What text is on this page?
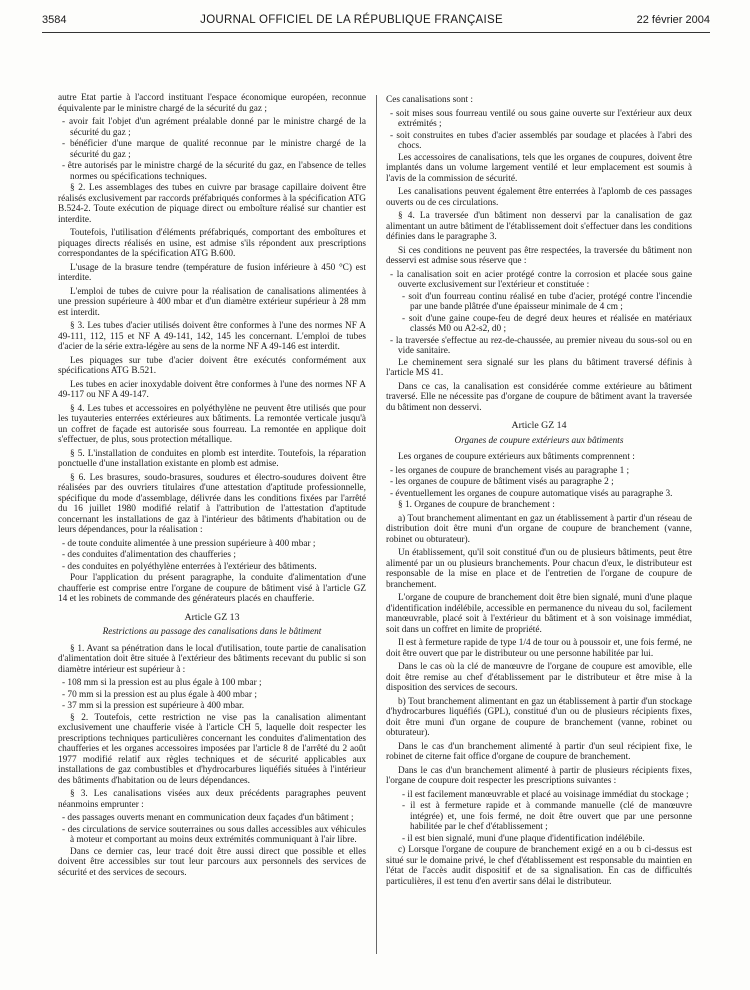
3584	JOURNAL OFFICIEL DE LA RÉPUBLIQUE FRANÇAISE	22 février 2004

autre Etat partie à l'accord instituant l'espace économique européen, reconnue équivalente par le ministre chargé de la sécurité du gaz ;

- avoir fait l'objet d'un agrément préalable donné par le ministre chargé de la sécurité du gaz ;

- bénéficier d'une marque de qualité reconnue par le ministre chargé de la sécurité du gaz ;

- être autorisés par le ministre chargé de la sécurité du gaz, en l'absence de telles normes ou spécifications techniques.

§ 2. Les assemblages des tubes en cuivre par brasage capillaire doivent être réalisés exclusivement par raccords préfabriqués conformes à la spécification ATG B.524-2. Toute exécution de piquage direct ou emboîture réalisé sur chantier est interdite.

Toutefois, l'utilisation d'éléments préfabriqués, comportant des emboîtures et piquages directs réalisés en usine, est admise s'ils répondent aux prescriptions correspondantes de la spécification ATG B.600.

L'usage de la brasure tendre (température de fusion inférieure à 450 °C) est interdite.

L'emploi de tubes de cuivre pour la réalisation de canalisations alimentées à une pression supérieure à 400 mbar et d'un diamètre extérieur supérieur à 28 mm est interdit.

§ 3. Les tubes d'acier utilisés doivent être conformes à l'une des normes NF A 49-111, 112, 115 et NF A 49-141, 142, 145 les concernant. L'emploi de tubes d'acier de la série extra-légère au sens de la norme NF A 49-146 est interdit.

Les piquages sur tube d'acier doivent être exécutés conformément aux spécifications ATG B.521.

Les tubes en acier inoxydable doivent être conformes à l'une des normes NF A 49-117 ou NF A 49-147.

§ 4. Les tubes et accessoires en polyéthylène ne peuvent être utilisés que pour les tuyauteries enterrées extérieures aux bâtiments. La remontée verticale jusqu'à un coffret de façade est autorisée sous fourreau. La remontée en applique doit s'effectuer, de plus, sous protection métallique.

§ 5. L'installation de conduites en plomb est interdite. Toutefois, la réparation ponctuelle d'une installation existante en plomb est admise.

§ 6. Les brasures, soudo-brasures, soudures et électro-soudures doivent être réalisées par des ouvriers titulaires d'une attestation d'aptitude professionnelle, spécifique du mode d'assemblage, délivrée dans les conditions fixées par l'arrêté du 16 juillet 1980 modifié relatif à l'attribution de l'attestation d'aptitude concernant les installations de gaz à l'intérieur des bâtiments d'habitation ou de leurs dépendances, pour la réalisation :

- de toute conduite alimentée à une pression supérieure à 400 mbar ;

- des conduites d'alimentation des chaufferies ;

- des conduites en polyéthylène enterrées à l'extérieur des bâtiments.

Pour l'application du présent paragraphe, la conduite d'alimentation d'une chaufferie est comprise entre l'organe de coupure de bâtiment visé à l'article GZ 14 et les robinets de commande des générateurs placés en chaufferie.

Article GZ 13
Restrictions au passage des canalisations dans le bâtiment

§ 1. Avant sa pénétration dans le local d'utilisation, toute partie de canalisation d'alimentation doit être située à l'extérieur des bâtiments recevant du public si son diamètre intérieur est supérieur à :

- 108 mm si la pression est au plus égale à 100 mbar ;

- 70 mm si la pression est au plus égale à 400 mbar ;

- 37 mm si la pression est supérieure à 400 mbar.

§ 2. Toutefois, cette restriction ne vise pas la canalisation alimentant exclusivement une chaufferie visée à l'article CH 5, laquelle doit respecter les prescriptions techniques particulières concernant les conduites d'alimentation des chaufferies et les organes accessoires imposées par l'article 8 de l'arrêté du 2 août 1977 modifié relatif aux règles techniques et de sécurité applicables aux installations de gaz combustibles et d'hydrocarbures liquéfiés situées à l'intérieur des bâtiments d'habitation ou de leurs dépendances.

§ 3. Les canalisations visées aux deux précédents paragraphes peuvent néanmoins emprunter :

- des passages ouverts menant en communication deux façades d'un bâtiment ;

- des circulations de service souterraines ou sous dalles accessibles aux véhicules à moteur et comportant au moins deux extrémités communiquant à l'air libre.

Dans ce dernier cas, leur tracé doit être aussi direct que possible et elles doivent être accessibles sur tout leur parcours aux personnels des services de sécurité et des services de secours.

Ces canalisations sont :

- soit mises sous fourreau ventilé ou sous gaine ouverte sur l'extérieur aux deux extrémités ;

- soit construites en tubes d'acier assemblés par soudage et placées à l'abri des chocs.

Les accessoires de canalisations, tels que les organes de coupures, doivent être implantés dans un volume largement ventilé et leur emplacement est soumis à l'avis de la commission de sécurité.

Les canalisations peuvent également être enterrées à l'aplomb de ces passages ouverts ou de ces circulations.

§ 4. La traversée d'un bâtiment non desservi par la canalisation de gaz alimentant un autre bâtiment de l'établissement doit s'effectuer dans les conditions définies dans le paragraphe 3.

Si ces conditions ne peuvent pas être respectées, la traversée du bâtiment non desservi est admise sous réserve que :

- la canalisation soit en acier protégé contre la corrosion et placée sous gaine ouverte exclusivement sur l'extérieur et constituée :

- soit d'un fourreau continu réalisé en tube d'acier, protégé contre l'incendie par une bande plâtrée d'une épaisseur minimale de 4 cm ;

- soit d'une gaine coupe-feu de degré deux heures et réalisée en matériaux classés M0 ou A2-s2, d0 ;

- la traversée s'effectue au rez-de-chaussée, au premier niveau du sous-sol ou en vide sanitaire.

Le cheminement sera signalé sur les plans du bâtiment traversé définis à l'article MS 41.

Dans ce cas, la canalisation est considérée comme extérieure au bâtiment traversé. Elle ne nécessite pas d'organe de coupure de bâtiment avant la traversée du bâtiment non desservi.

Article GZ 14
Organes de coupure extérieurs aux bâtiments

Les organes de coupure extérieurs aux bâtiments comprennent :

- les organes de coupure de branchement visés au paragraphe 1 ;

- les organes de coupure de bâtiment visés au paragraphe 2 ;

- éventuellement les organes de coupure automatique visés au paragraphe 3.

§ 1. Organes de coupure de branchement :

a) Tout branchement alimentant en gaz un établissement à partir d'un réseau de distribution doit être muni d'un organe de coupure de branchement (vanne, robinet ou obturateur).

Un établissement, qu'il soit constitué d'un ou de plusieurs bâtiments, peut être alimenté par un ou plusieurs branchements. Pour chacun d'eux, le distributeur est responsable de la mise en place et de l'entretien de l'organe de coupure de branchement.

L'organe de coupure de branchement doit être bien signalé, muni d'une plaque d'identification indélébile, accessible en permanence du niveau du sol, facilement manœuvrable, placé soit à l'extérieur du bâtiment et à son voisinage immédiat, soit dans un coffret en limite de propriété.

Il est à fermeture rapide de type 1/4 de tour ou à poussoir et, une fois fermé, ne doit être ouvert que par le distributeur ou une personne habilitée par lui.

Dans le cas où la clé de manœuvre de l'organe de coupure est amovible, elle doit être remise au chef d'établissement par le distributeur et être mise à la disposition des services de secours.

b) Tout branchement alimentant en gaz un établissement à partir d'un stockage d'hydrocarbures liquéfiés (GPL), constitué d'un ou de plusieurs récipients fixes, doit être muni d'un organe de coupure de branchement (vanne, robinet ou obturateur).

Dans le cas d'un branchement alimenté à partir d'un seul récipient fixe, le robinet de citerne fait office d'organe de coupure de branchement.

Dans le cas d'un branchement alimenté à partir de plusieurs récipients fixes, l'organe de coupure doit respecter les prescriptions suivantes :

- il est facilement manœuvrable et placé au voisinage immédiat du stockage ;

- il est à fermeture rapide et à commande manuelle (clé de manœuvre intégrée) et, une fois fermé, ne doit être ouvert que par une personne habilitée par le chef d'établissement ;

- il est bien signalé, muni d'une plaque d'identification indélébile.

c) Lorsque l'organe de coupure de branchement exigé en a ou b ci-dessus est situé sur le domaine privé, le chef d'établissement est responsable du maintien en l'état de l'accès audit dispositif et de sa signalisation. En cas de difficultés particulières, il est tenu d'en avertir sans délai le distributeur.
